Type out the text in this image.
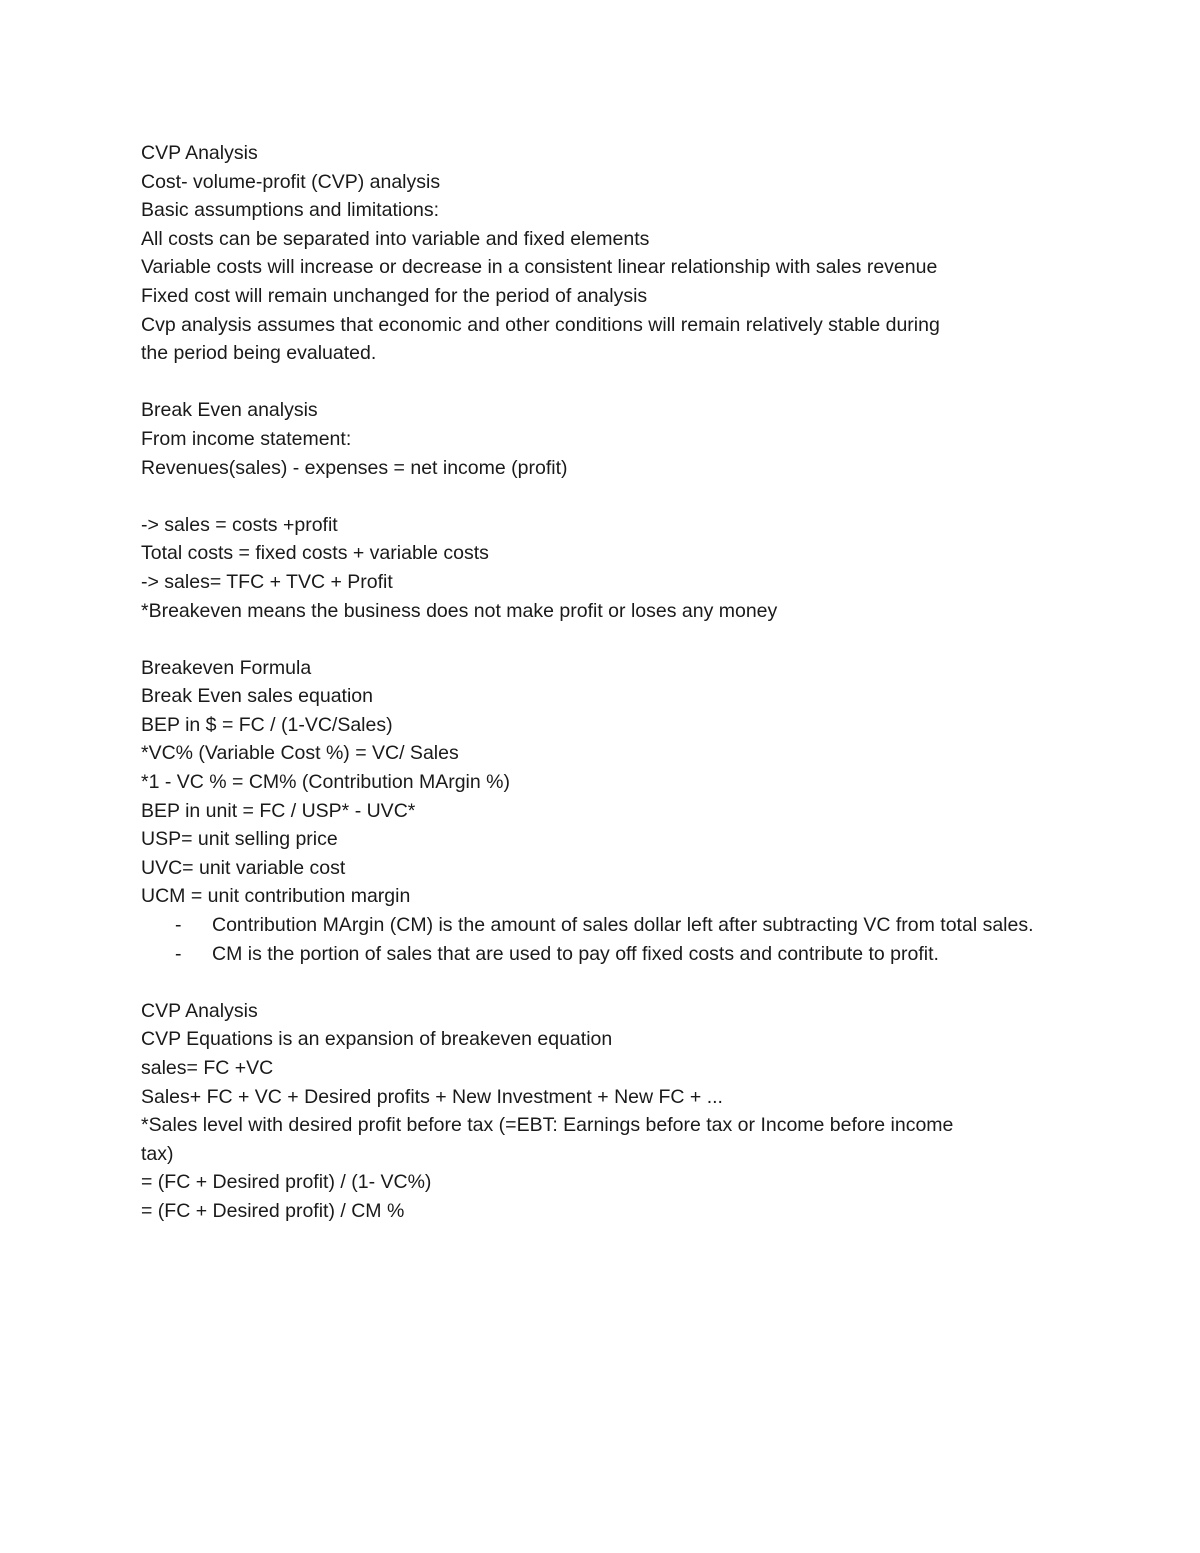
CVP Analysis

Cost- volume-profit (CVP) analysis

Basic assumptions and limitations:

All costs can be separated into variable and fixed elements

Variable costs will increase or decrease in a consistent linear relationship with sales revenue

Fixed cost will remain unchanged for the period of analysis

Cvp analysis assumes that economic and other conditions will remain relatively stable during

the period being evaluated.

Break Even analysis

From income statement:

Revenues(sales) - expenses = net income (profit)

-> sales = costs +profit

Total costs = fixed costs + variable costs

-> sales= TFC + TVC + Profit

*Breakeven means the business does not make profit or loses any money

Breakeven Formula

Break Even sales equation

BEP in $ = FC / (1-VC/Sales)

*VC% (Variable Cost %) = VC/ Sales

*1 - VC % = CM% (Contribution MArgin %)

BEP in unit = FC / USP* - UVC*

USP= unit selling price

UVC= unit variable cost

UCM = unit contribution margin

- Contribution MArgin (CM) is the amount of sales dollar left after subtracting VC from total sales.
- CM is the portion of sales that are used to pay off fixed costs and contribute to profit.

CVP Analysis

CVP Equations is an expansion of breakeven equation

sales= FC +VC

Sales+ FC + VC + Desired profits + New Investment + New FC + ...

*Sales level with desired profit before tax (=EBT: Earnings before tax or Income before income

tax)

= (FC + Desired profit) / (1- VC%)

= (FC + Desired profit) / CM %
